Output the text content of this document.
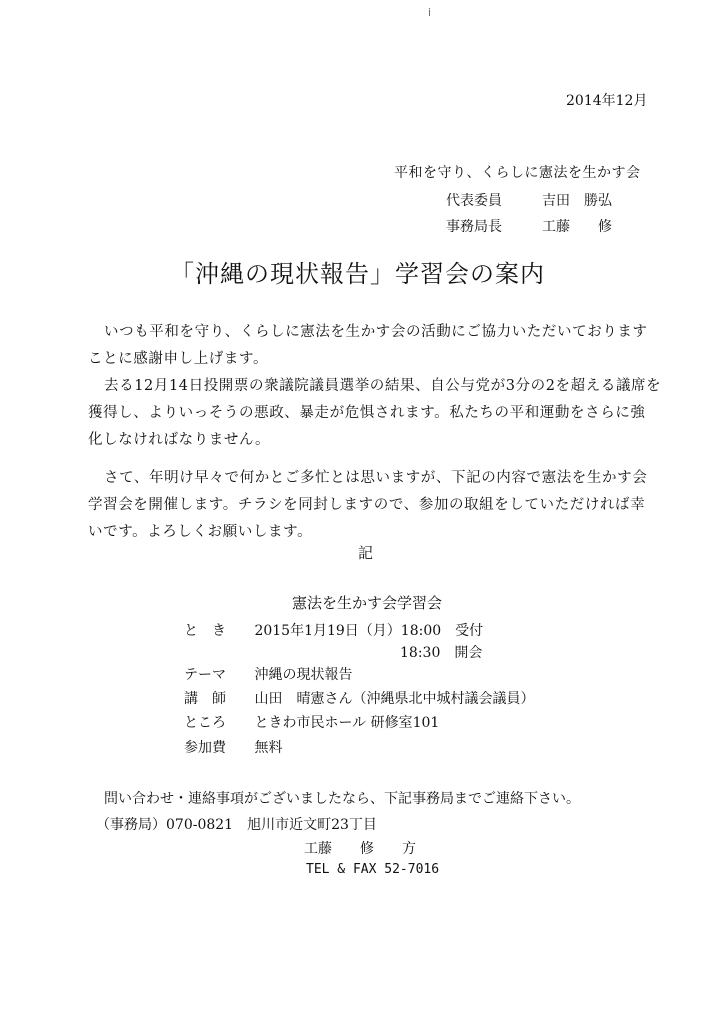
i
2014年12月
平和を守り、くらしに憲法を生かす会
代表委員	吉田　勝弘
事務局長	工藤　　修
「沖縄の現状報告」学習会の案内
いつも平和を守り、くらしに憲法を生かす会の活動にご協力いただいております
ことに感謝申し上げます。
去る12月14日投開票の衆議院議員選挙の結果、自公与党が3分の2を超える議席を
獲得し、よりいっそうの悪政、暴走が危惧されます。私たちの平和運動をさらに強
化しなければなりません。
さて、年明け早々で何かとご多忙とは思いますが、下記の内容で憲法を生かす会
学習会を開催します。チラシを同封しますので、参加の取組をしていただければ幸
いです。よろしくお願いします。
記
憲法を生かす会学習会
と　き 2015年1月19日（月）18:00　受付
18:30　開会
テーマ 沖縄の現状報告
講　師 山田　晴憲さん（沖縄県北中城村議会議員）
ところ ときわ市民ホール 研修室101
参加費 無料
問い合わせ・連絡事項がございましたなら、下記事務局までご連絡下さい。
（事務局）070-0821　旭川市近文町23丁目
工藤　　修　　方
TEL & FAX 52-7016
